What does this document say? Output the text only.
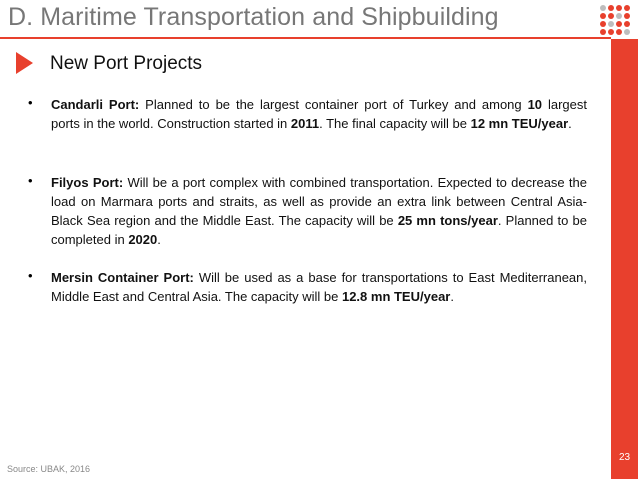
D. Maritime Transportation and Shipbuilding
23
New Port Projects
• Candarli Port: Planned to be the largest container port of Turkey and among 10 largest ports in the world. Construction started in 2011. The final capacity will be 12 mn TEU/year.
• Filyos Port: Will be a port complex with combined transportation. Expected to decrease the load on Marmara ports and straits, as well as provide an extra link between Central Asia-Black Sea region and the Middle East. The capacity will be 25 mn tons/year. Planned to be completed in 2020.
• Mersin Container Port: Will be used as a base for transportations to East Mediterranean, Middle East and Central Asia. The capacity will be 12.8 mn TEU/year.
Source: UBAK, 2016
